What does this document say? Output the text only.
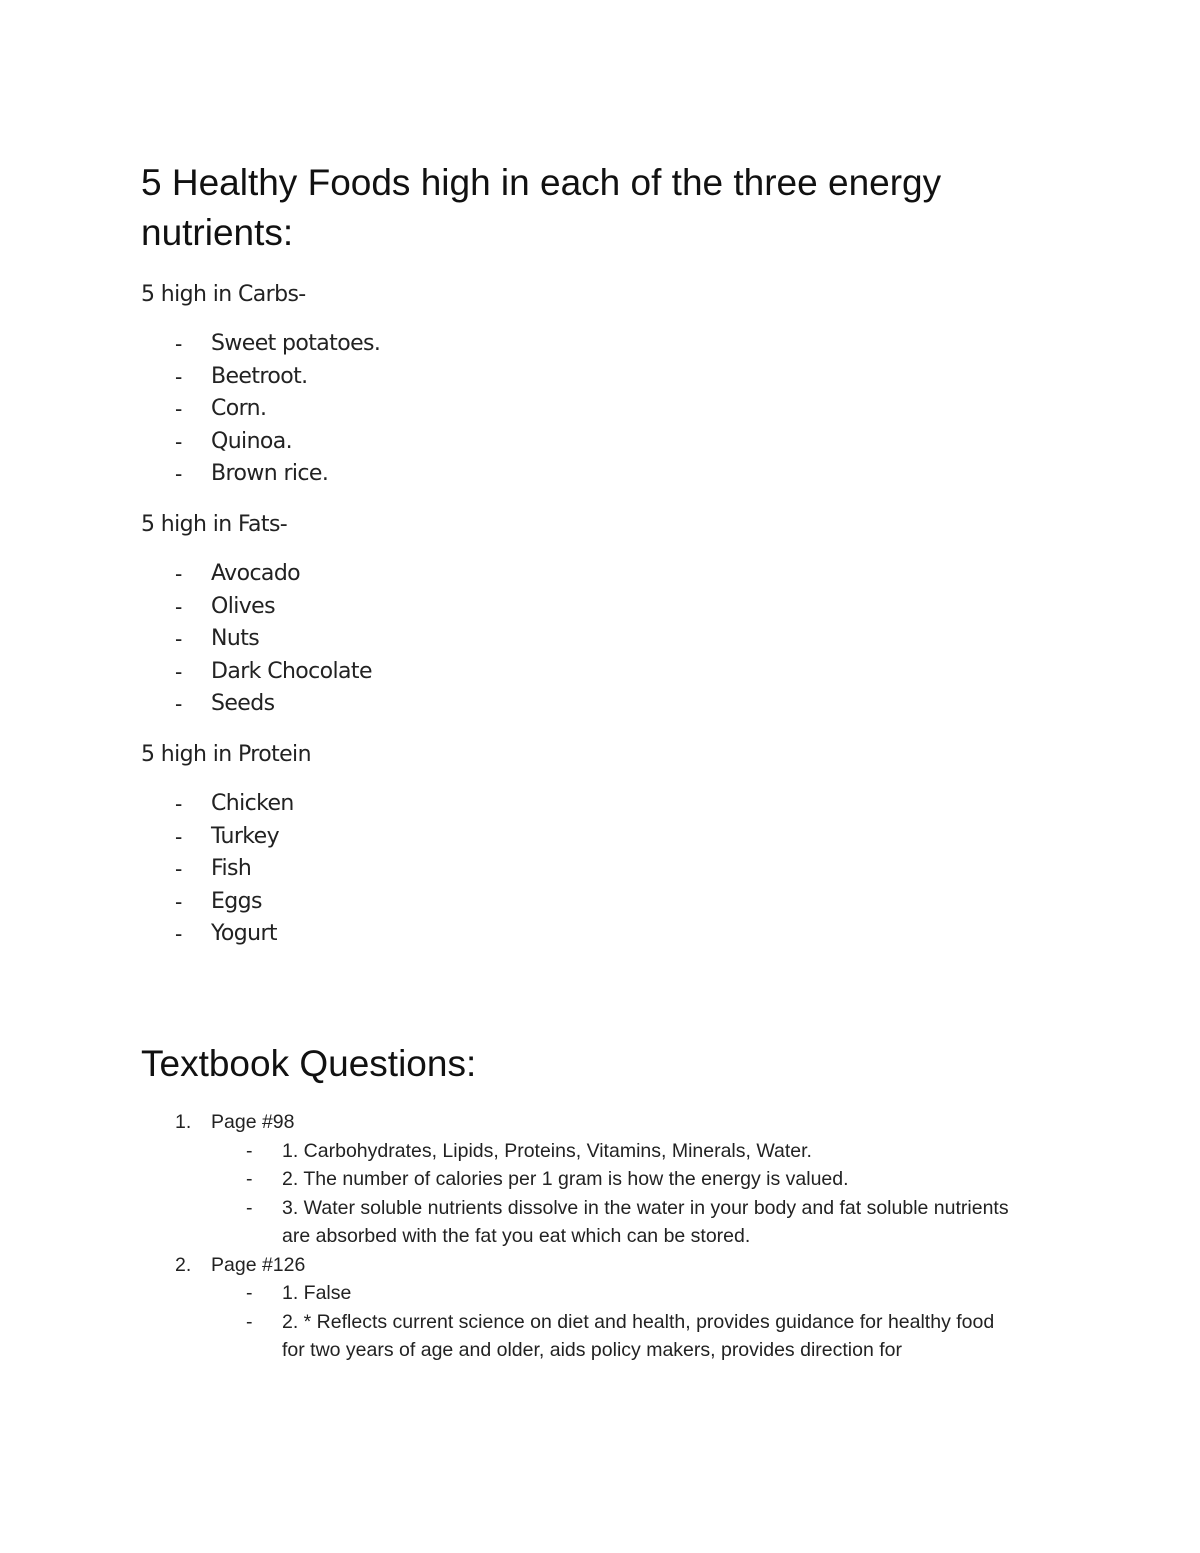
5 Healthy Foods high in each of the three energy nutrients:

5 high in Carbs-

- Sweet potatoes.
- Beetroot.
- Corn.
- Quinoa.
- Brown rice.

5 high in Fats-

- Avocado
- Olives
- Nuts
- Dark Chocolate
- Seeds

5 high in Protein

- Chicken
- Turkey
- Fish
- Eggs
- Yogurt
Textbook Questions:
1. Page #98
- 1. Carbohydrates, Lipids, Proteins, Vitamins, Minerals, Water.
- 2. The number of calories per 1 gram is how the energy is valued.
- 3. Water soluble nutrients dissolve in the water in your body and fat soluble nutrients are absorbed with the fat you eat which can be stored.
2. Page #126
- 1. False
- 2. * Reflects current science on diet and health, provides guidance for healthy food for two years of age and older, aids policy makers, provides direction for
